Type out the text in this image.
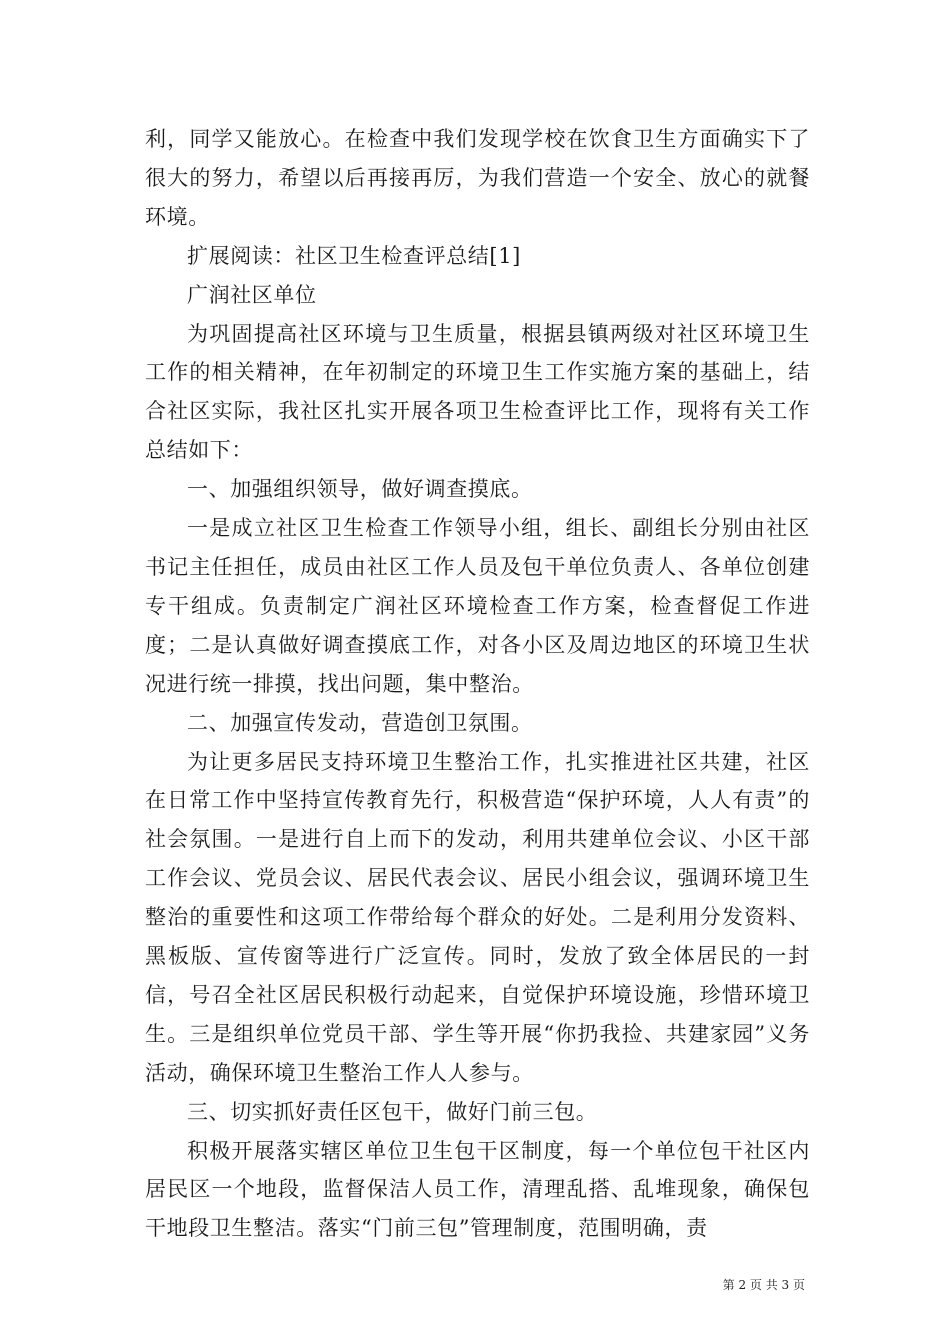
利，同学又能放心。在检查中我们发现学校在饮食卫生方面确实下了很大的努力，希望以后再接再厉，为我们营造一个安全、放心的就餐环境。

扩展阅读：社区卫生检查评总结[1]

广润社区单位

为巩固提高社区环境与卫生质量，根据县镇两级对社区环境卫生工作的相关精神，在年初制定的环境卫生工作实施方案的基础上，结合社区实际，我社区扎实开展各项卫生检查评比工作，现将有关工作总结如下：

一、加强组织领导，做好调查摸底。

一是成立社区卫生检查工作领导小组，组长、副组长分别由社区书记主任担任，成员由社区工作人员及包干单位负责人、各单位创建专干组成。负责制定广润社区环境检查工作方案，检查督促工作进度；二是认真做好调查摸底工作，对各小区及周边地区的环境卫生状况进行统一排摸，找出问题，集中整治。

二、加强宣传发动，营造创卫氛围。

为让更多居民支持环境卫生整治工作，扎实推进社区共建，社区在日常工作中坚持宣传教育先行，积极营造“保护环境，人人有责”的社会氛围。一是进行自上而下的发动，利用共建单位会议、小区干部工作会议、党员会议、居民代表会议、居民小组会议，强调环境卫生整治的重要性和这项工作带给每个群众的好处。二是利用分发资料、黑板版、宣传窗等进行广泛宣传。同时，发放了致全体居民的一封信，号召全社区居民积极行动起来，自觉保护环境设施，珍惜环境卫生。三是组织单位党员干部、学生等开展“你扔我捡、共建家园”义务活动，确保环境卫生整治工作人人参与。

三、切实抓好责任区包干，做好门前三包。

积极开展落实辖区单位卫生包干区制度，每一个单位包干社区内居民区一个地段，监督保洁人员工作，清理乱搭、乱堆现象，确保包干地段卫生整洁。落实“门前三包”管理制度，范围明确，责

第 2 页 共 3 页
